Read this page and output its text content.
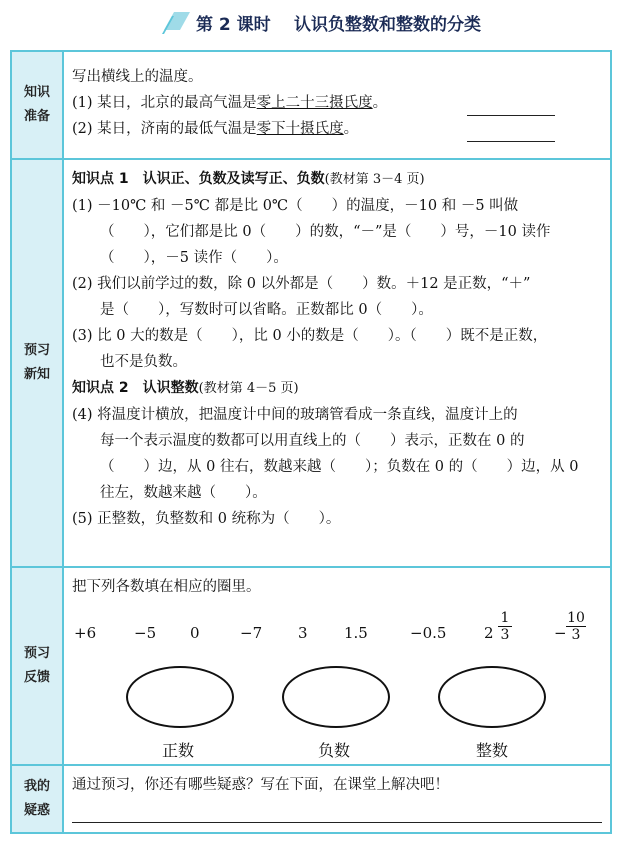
第 2 课时 认识负整数和整数的分类
知识
准备
写出横线上的温度。
(1) 某日，北京的最高气温是零上二十三摄氏度。
(2) 某日，济南的最低气温是零下十摄氏度。
预习
新知
知识点 1　认识正、负数及读写正、负数(教材第 3－4 页)
(1) －10℃ 和 －5℃ 都是比 0℃（　　）的温度，－10 和 －5 叫做
（　　），它们都是比 0（　　）的数，“－”是（　　）号，－10 读作
（　　），－5 读作（　　）。
(2) 我们以前学过的数，除 0 以外都是（　　）数。＋12 是正数，“＋”
是（　　），写数时可以省略。正数都比 0（　　）。
(3) 比 0 大的数是（　　），比 0 小的数是（　　）。（　　）既不是正数，
也不是负数。
知识点 2　认识整数(教材第 4－5 页)
(4) 将温度计横放，把温度计中间的玻璃管看成一条直线，温度计上的
每一个表示温度的数都可以用直线上的（　　）表示，正数在 0 的
（　　）边，从 0 往右，数越来越（　　）；负数在 0 的（　　）边，从 0
往左，数越来越（　　）。
(5) 正整数，负整数和 0 统称为（　　）。
预习
反馈
把下列各数填在相应的圈里。
+6	−5 0	−7 3 1.5	−0.5	2
1
3	−
10
3
正数	负数	整数
我的
疑惑
通过预习，你还有哪些疑惑？写在下面，在课堂上解决吧！
